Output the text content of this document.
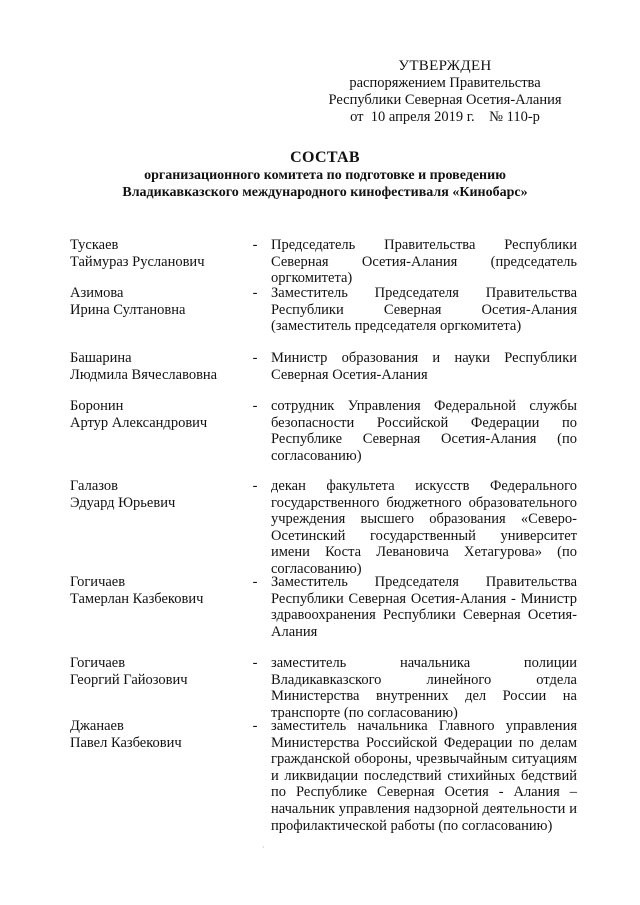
УТВЕРЖДЕН
распоряжением Правительства
Республики Северная Осетия-Алания
от  10 апреля 2019 г.    № 110-р
СОСТАВ
организационного комитета по подготовке и проведению
Владикавказского международного кинофестиваля «Кинобарс»
Тускаев
Таймураз Русланович
- Председатель Правительства Республики Северная Осетия-Алания (председатель оргкомитета)
Азимова
Ирина Султановна
- Заместитель Председателя Правительства Республики Северная Осетия-Алания (заместитель председателя оргкомитета)
Башарина
Людмила Вячеславовна
- Министр образования и науки Республики Северная Осетия-Алания
Боронин
Артур Александрович
- сотрудник Управления Федеральной службы безопасности Российской Федерации по Республике Северная Осетия-Алания (по согласованию)
Галазов
Эдуард Юрьевич
- декан факультета искусств Федерального государственного бюджетного образовательного учреждения высшего образования «Северо-Осетинский государственный университет имени Коста Левановича Хетагурова» (по согласованию)
Гогичаев
Тамерлан Казбекович
- Заместитель Председателя Правительства Республики Северная Осетия-Алания - Министр здравоохранения Республики Северная Осетия-Алания
Гогичаев
Георгий Гайозович
- заместитель начальника полиции Владикавказского линейного отдела Министерства внутренних дел России на транспорте (по согласованию)
Джанаев
Павел Казбекович
- заместитель начальника Главного управления Министерства Российской Федерации по делам гражданской обороны, чрезвычайным ситуациям и ликвидации последствий стихийных бедствий по Республике Северная Осетия - Алания – начальник управления надзорной деятельности и профилактической работы (по согласованию)
·
